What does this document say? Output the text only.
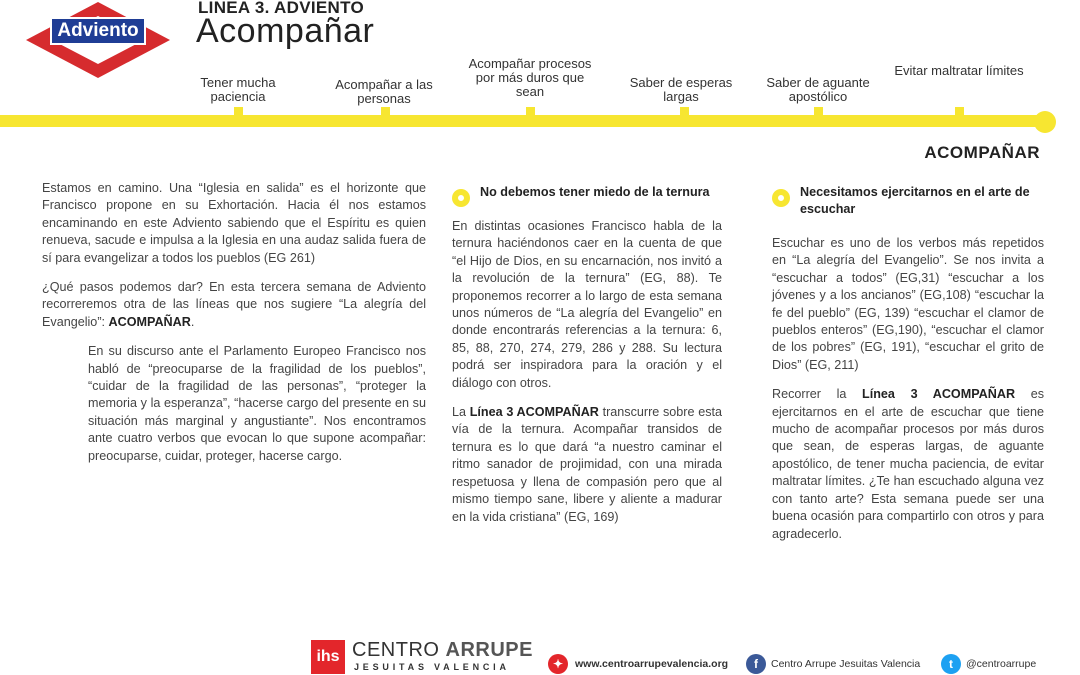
Adviento
LINEA 3. ADVIENTO
Acompañar
Tener mucha paciencia
Acompañar a las personas
Acompañar procesos por más duros que sean
Saber de esperas largas
Saber de aguante apostólico
Evitar maltratar límites
ACOMPAÑAR

Estamos en camino. Una “Iglesia en salida” es el horizonte que Francisco propone en su Exhortación. Hacia él nos estamos encaminando en este Adviento sabiendo que el Espíritu es quien renueva, sacude e impulsa a la Iglesia en una audaz salida fuera de sí para evangelizar a todos los pueblos (EG 261)

¿Qué pasos podemos dar? En esta tercera semana de Adviento recorreremos otra de las líneas que nos sugiere “La alegría del Evangelio”: ACOMPAÑAR.

En su discurso ante el Parlamento Europeo Francisco nos habló de “preocuparse de la fragilidad de los pueblos”, “cuidar de la fragilidad de las personas”, “proteger la memoria y la esperanza”, “hacerse cargo del presente en su situación más marginal y angustiante”. Nos encontramos ante cuatro verbos que evocan lo que supone acompañar: preocuparse, cuidar, proteger, hacerse cargo.

No debemos tener miedo de la ternura

En distintas ocasiones Francisco habla de la ternura haciéndonos caer en la cuenta de que “el Hijo de Dios, en su encarnación, nos invitó a la revolución de la ternura” (EG, 88). Te proponemos recorrer a lo largo de esta semana unos números de “La alegría del Evangelio” en donde encontrarás referencias a la ternura: 6, 85, 88, 270, 274, 279, 286 y 288. Su lectura podrá ser inspiradora para la oración y el diálogo con otros.

La Línea 3 ACOMPAÑAR transcurre sobre esta vía de la ternura. Acompañar transidos de ternura es lo que dará “a nuestro caminar el ritmo sanador de projimidad, con una mirada respetuosa y llena de compasión pero que al mismo tiempo sane, libere y aliente a madurar en la vida cristiana” (EG, 169)

Necesitamos ejercitarnos en el arte de escuchar

Escuchar es uno de los verbos más repetidos en “La alegría del Evangelio”. Se nos invita a “escuchar a todos” (EG,31) “escuchar a los jóvenes y a los ancianos” (EG,108) “escuchar la fe del pueblo” (EG, 139) “escuchar el clamor de pueblos enteros” (EG,190), “escuchar el clamor de los pobres” (EG, 191), “escuchar el grito de Dios” (EG, 211)

Recorrer la Línea 3 ACOMPAÑAR es ejercitarnos en el arte de escuchar que tiene mucho de acompañar procesos por más duros que sean, de esperas largas, de aguante apostólico, de tener mucha paciencia, de evitar maltratar límites. ¿Te han escuchado alguna vez con tanto arte? Esta semana puede ser una buena ocasión para compartirlo con otros y para agradecerlo.

ihs CENTRO ARRUPE
JESUITAS VALENCIA	✦	www.centroarrupevalencia.org	f	Centro Arrupe Jesuitas Valencia	t	@centroarrupe
